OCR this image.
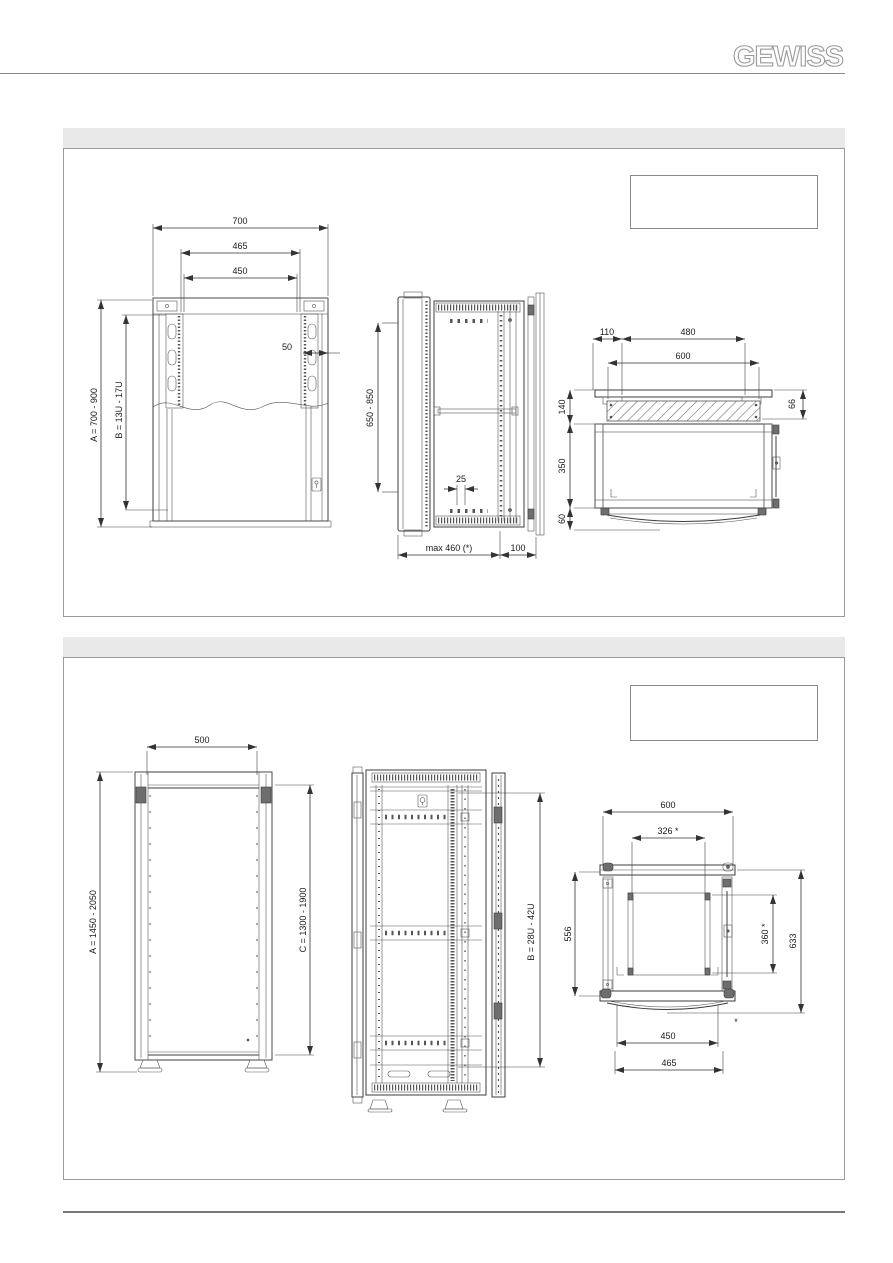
GEWISS
700
465
450
50
A = 700 - 900 B = 13U - 17U	650 - 850
25
max 460 (*)	100
110	480
600
66
140
350
60
500
A = 1450 - 2050	C = 1300 - 1900	B = 28U - 42U
600
326 *
556	360 * 633
450
465
*
